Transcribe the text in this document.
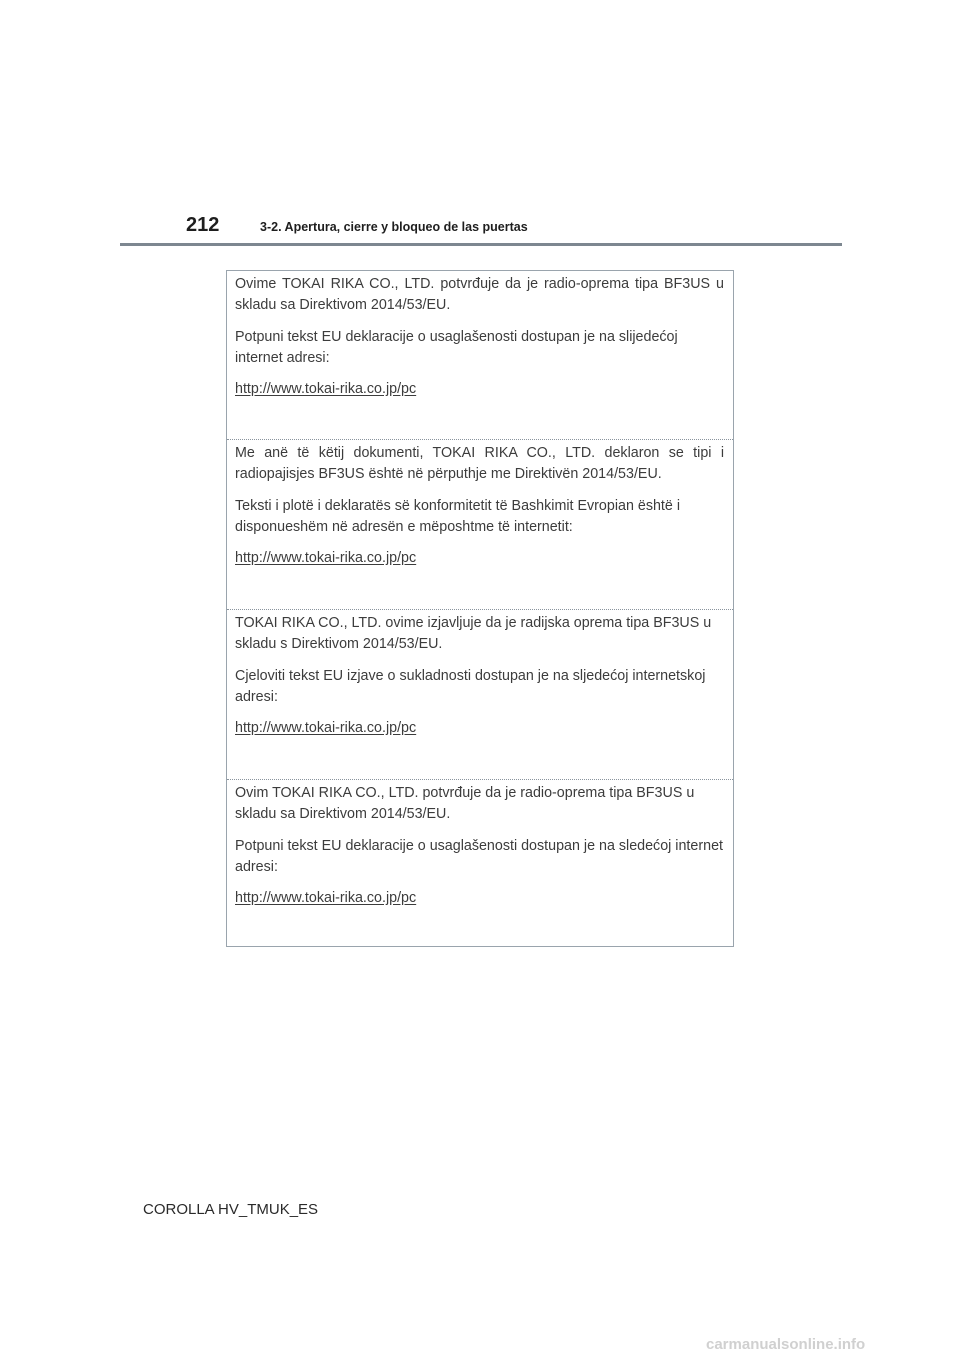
212	3-2. Apertura, cierre y bloqueo de las puertas

Ovime TOKAI RIKA CO., LTD. potvrđuje da je radio-oprema tipa BF3US u skladu sa Direktivom 2014/53/EU.

Potpuni tekst EU deklaracije o usaglašenosti dostupan je na slijedećoj internet adresi:

http://www.tokai-rika.co.jp/pc

Me anë të këtij dokumenti, TOKAI RIKA CO., LTD. deklaron se tipi i radiopajisjes BF3US është në përputhje me Direktivën 2014/53/EU.

Teksti i plotë i deklaratës së konformitetit të Bashkimit Evropian është i disponueshëm në adresën e mëposhtme të internetit:

http://www.tokai-rika.co.jp/pc

TOKAI RIKA CO., LTD. ovime izjavljuje da je radijska oprema tipa BF3US u skladu s Direktivom 2014/53/EU.

Cjeloviti tekst EU izjave o sukladnosti dostupan je na sljedećoj internetskoj adresi:

http://www.tokai-rika.co.jp/pc

Ovim TOKAI RIKA CO., LTD. potvrđuje da je radio-oprema tipa BF3US u skladu sa Direktivom 2014/53/EU.

Potpuni tekst EU deklaracije o usaglašenosti dostupan je na sledećoj internet adresi:

http://www.tokai-rika.co.jp/pc
COROLLA HV_TMUK_ES
carmanualsonline.info
